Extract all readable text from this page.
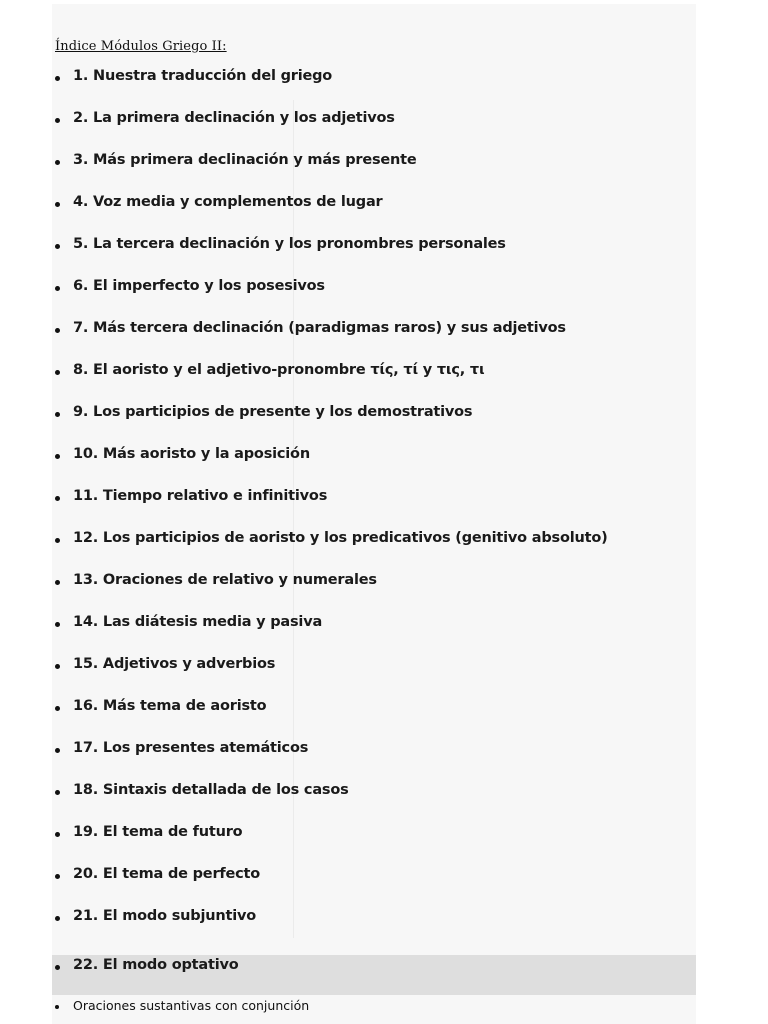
Índice Módulos Griego II:
1. Nuestra traducción del griego
2. La primera declinación y los adjetivos
3. Más primera declinación y más presente
4. Voz media y complementos de lugar
5. La tercera declinación y los pronombres personales
6. El imperfecto y los posesivos
7. Más tercera declinación (paradigmas raros) y sus adjetivos
8. El aoristo y el adjetivo-pronombre τίς, τί y τις, τι
9. Los participios de presente y los demostrativos
10. Más aoristo y la aposición
11. Tiempo relativo e infinitivos
12. Los participios de aoristo y los predicativos (genitivo absoluto)
13. Oraciones de relativo y numerales
14. Las diátesis media y pasiva
15. Adjetivos y adverbios
16. Más tema de aoristo
17. Los presentes atemáticos
18. Sintaxis detallada de los casos
19. El tema de futuro
20. El tema de perfecto
21. El modo subjuntivo
22. El modo optativo
Oraciones sustantivas con conjunción
